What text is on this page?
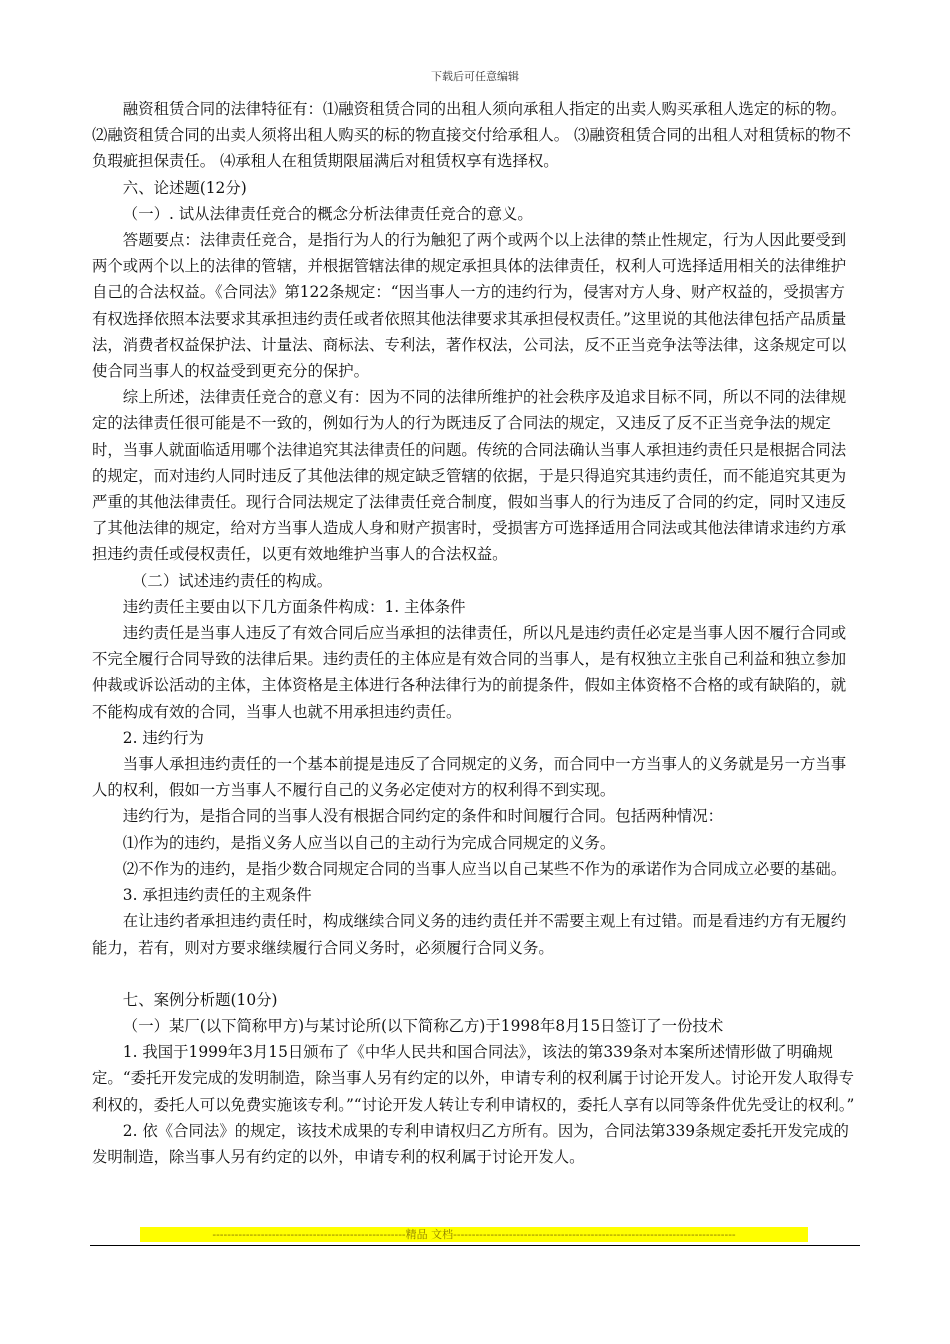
下载后可任意编辑

融资租赁合同的法律特征有：⑴融资租赁合同的出租人须向承租人指定的出卖人购买承租人选定的标的物。 ⑵融资租赁合同的出卖人须将出租人购买的标的物直接交付给承租人。 ⑶融资租赁合同的出租人对租赁标的物不负瑕疵担保责任。 ⑷承租人在租赁期限届满后对租赁权享有选择权。

六、论述题(12分)

（一）. 试从法律责任竞合的概念分析法律责任竞合的意义。

答题要点：法律责任竞合，是指行为人的行为触犯了两个或两个以上法律的禁止性规定，行为人因此要受到两个或两个以上的法律的管辖，并根据管辖法律的规定承担具体的法律责任，权利人可选择适用相关的法律维护自己的合法权益。《合同法》第122条规定：“因当事人一方的违约行为，侵害对方人身、财产权益的，受损害方有权选择依照本法要求其承担违约责任或者依照其他法律要求其承担侵权责任。”这里说的其他法律包括产品质量法，消费者权益保护法、计量法、商标法、专利法，著作权法，公司法，反不正当竞争法等法律，这条规定可以使合同当事人的权益受到更充分的保护。

综上所述，法律责任竞合的意义有：因为不同的法律所维护的社会秩序及追求目标不同，所以不同的法律规定的法律责任很可能是不一致的，例如行为人的行为既违反了合同法的规定，又违反了反不正当竞争法的规定时，当事人就面临适用哪个法律追究其法律责任的问题。传统的合同法确认当事人承担违约责任只是根据合同法的规定，而对违约人同时违反了其他法律的规定缺乏管辖的依据，于是只得追究其违约责任，而不能追究其更为严重的其他法律责任。现行合同法规定了法律责任竞合制度，假如当事人的行为违反了合同的约定，同时又违反了其他法律的规定，给对方当事人造成人身和财产损害时，受损害方可选择适用合同法或其他法律请求违约方承担违约责任或侵权责任，以更有效地维护当事人的合法权益。

（二）试述违约责任的构成。

违约责任主要由以下几方面条件构成：1. 主体条件

违约责任是当事人违反了有效合同后应当承担的法律责任，所以凡是违约责任必定是当事人因不履行合同或不完全履行合同导致的法律后果。违约责任的主体应是有效合同的当事人，是有权独立主张自己利益和独立参加仲裁或诉讼活动的主体，主体资格是主体进行各种法律行为的前提条件，假如主体资格不合格的或有缺陷的，就不能构成有效的合同，当事人也就不用承担违约责任。

2. 违约行为

当事人承担违约责任的一个基本前提是违反了合同规定的义务，而合同中一方当事人的义务就是另一方当事人的权利，假如一方当事人不履行自己的义务必定使对方的权利得不到实现。

违约行为，是指合同的当事人没有根据合同约定的条件和时间履行合同。包括两种情况：

⑴作为的违约，是指义务人应当以自己的主动行为完成合同规定的义务。

⑵不作为的违约，是指少数合同规定合同的当事人应当以自己某些不作为的承诺作为合同成立必要的基础。

3. 承担违约责任的主观条件

在让违约者承担违约责任时，构成继续合同义务的违约责任并不需要主观上有过错。而是看违约方有无履约能力，若有，则对方要求继续履行合同义务时，必须履行合同义务。

七、案例分析题(10分)

（一）某厂(以下简称甲方)与某讨论所(以下简称乙方)于1998年8月15日签订了一份技术

1. 我国于1999年3月15日颁布了《中华人民共和国合同法》，该法的第339条对本案所述情形做了明确规定。“委托开发完成的发明制造，除当事人另有约定的以外，申请专利的权利属于讨论开发人。讨论开发人取得专利权的，委托人可以免费实施该专利。”“讨论开发人转让专利申请权的，委托人享有以同等条件优先受让的权利。”

2. 依《合同法》的规定，该技术成果的专利申请权归乙方所有。因为，合同法第339条规定委托开发完成的发明制造，除当事人另有约定的以外，申请专利的权利属于讨论开发人。

----------------------------------------------------精品 文档----------------------------------------------------------------------------
